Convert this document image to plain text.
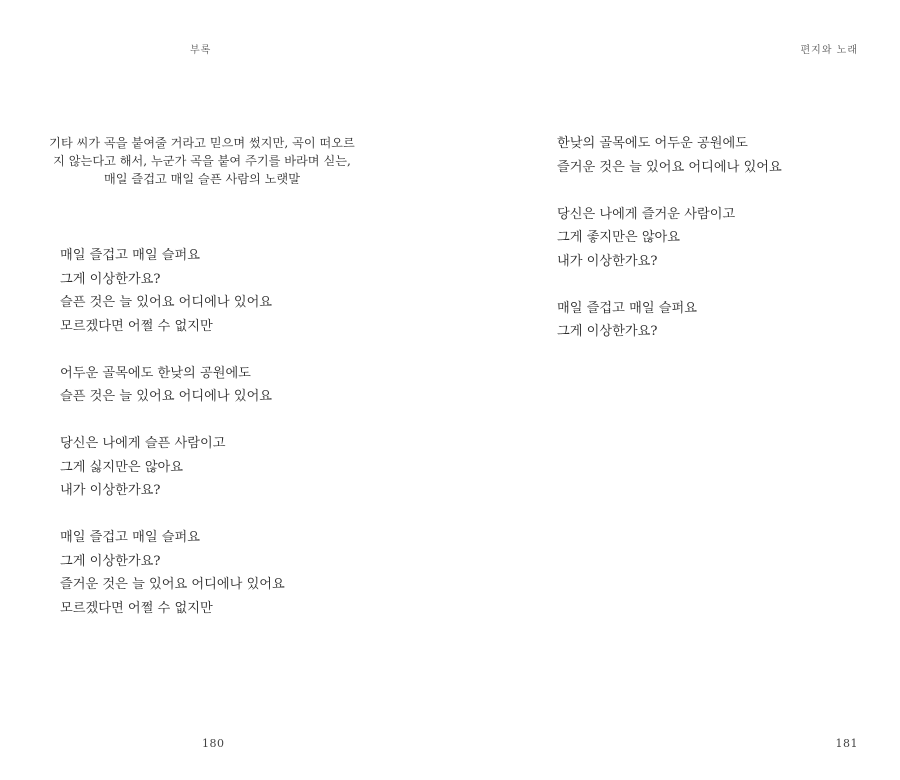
부록
기타 씨가 곡을 붙여줄 거라고 믿으며 썼지만, 곡이 떠오르
지 않는다고 해서, 누군가 곡을 붙여 주기를 바라며 싣는,
매일 즐겁고 매일 슬픈 사람의 노랫말
매일 즐겁고 매일 슬퍼요
그게 이상한가요?
슬픈 것은 늘 있어요 어디에나 있어요
모르겠다면 어쩔 수 없지만
어두운 골목에도 한낮의 공원에도
슬픈 것은 늘 있어요 어디에나 있어요
당신은 나에게 슬픈 사람이고
그게 싫지만은 않아요
내가 이상한가요?
매일 즐겁고 매일 슬퍼요
그게 이상한가요?
즐거운 것은 늘 있어요 어디에나 있어요
모르겠다면 어쩔 수 없지만
180
편지와 노래
한낮의 골목에도 어두운 공원에도
즐거운 것은 늘 있어요 어디에나 있어요
당신은 나에게 즐거운 사람이고
그게 좋지만은 않아요
내가 이상한가요?
매일 즐겁고 매일 슬퍼요
그게 이상한가요?
181
